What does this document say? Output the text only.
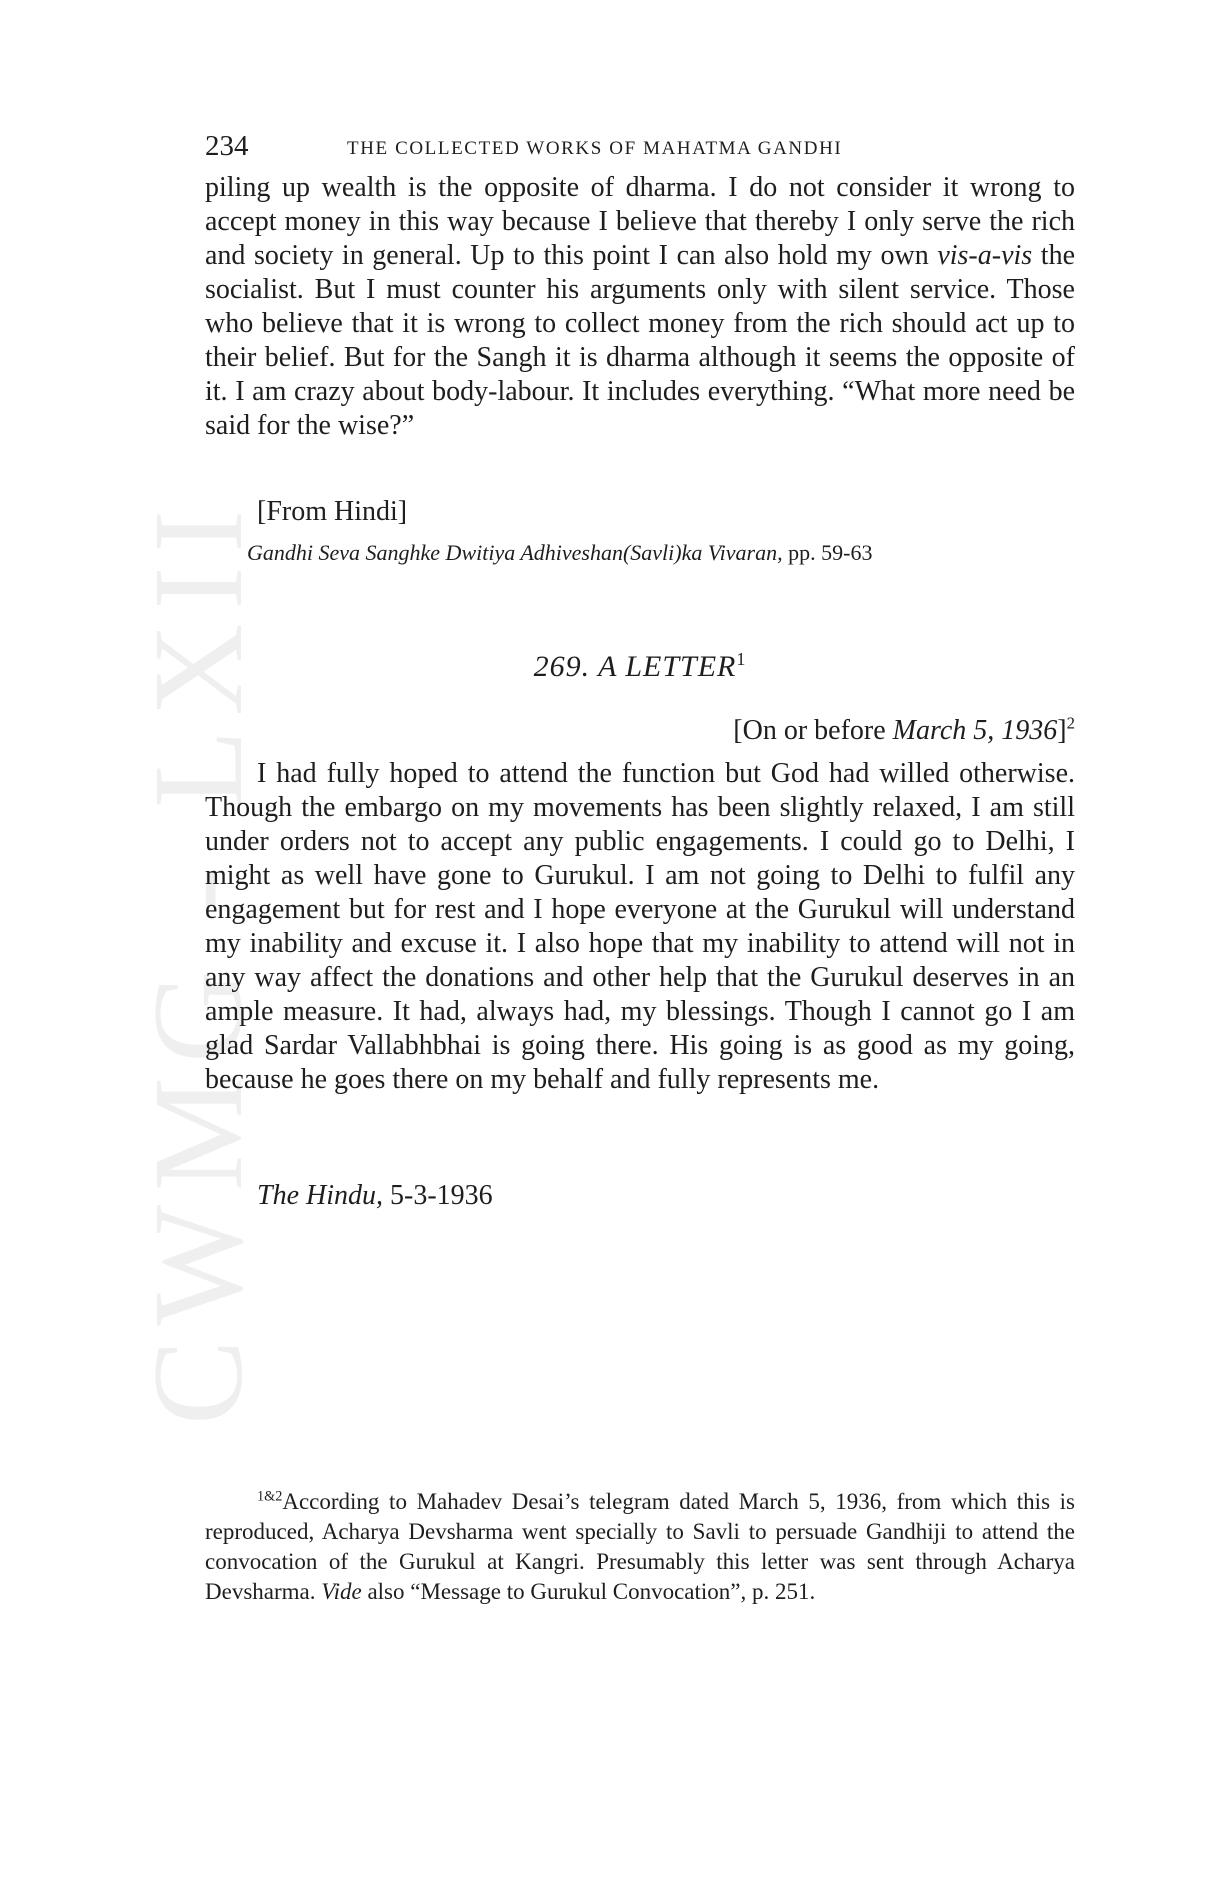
CWMG - LXII
234	THE COLLECTED WORKS OF MAHATMA GANDHI

piling up wealth is the opposite of dharma. I do not consider it wrong to accept money in this way because I believe that thereby I only serve the rich and society in general. Up to this point I can also hold my own vis-a-vis the socialist. But I must counter his arguments only with silent service. Those who believe that it is wrong to collect money from the rich should act up to their belief. But for the Sangh it is dharma although it seems the opposite of it. I am crazy about body-labour. It includes everything. “What more need be said for the wise?”

[From Hindi]
Gandhi Seva Sanghke Dwitiya Adhiveshan(Savli)ka Vivaran, pp. 59-63
269. A LETTER$^1$
[On or before March 5, 1936]$^2$

I had fully hoped to attend the function but God had willed otherwise. Though the embargo on my movements has been slightly relaxed, I am still under orders not to accept any public engagements. I could go to Delhi, I might as well have gone to Gurukul. I am not going to Delhi to fulfil any engagement but for rest and I hope everyone at the Gurukul will understand my inability and excuse it. I also hope that my inability to attend will not in any way affect the donations and other help that the Gurukul deserves in an ample measure. It had, always had, my blessings. Though I cannot go I am glad Sardar Vallabhbhai is going there. His going is as good as my going, because he goes there on my behalf and fully represents me.

The Hindu, 5-3-1936

$^{1\&2}$According to Mahadev Desai’s telegram dated March 5, 1936, from which this is reproduced, Acharya Devsharma went specially to Savli to persuade Gandhiji to attend the convocation of the Gurukul at Kangri. Presumably this letter was sent through Acharya Devsharma. Vide also “Message to Gurukul Convocation”, p. 251.
